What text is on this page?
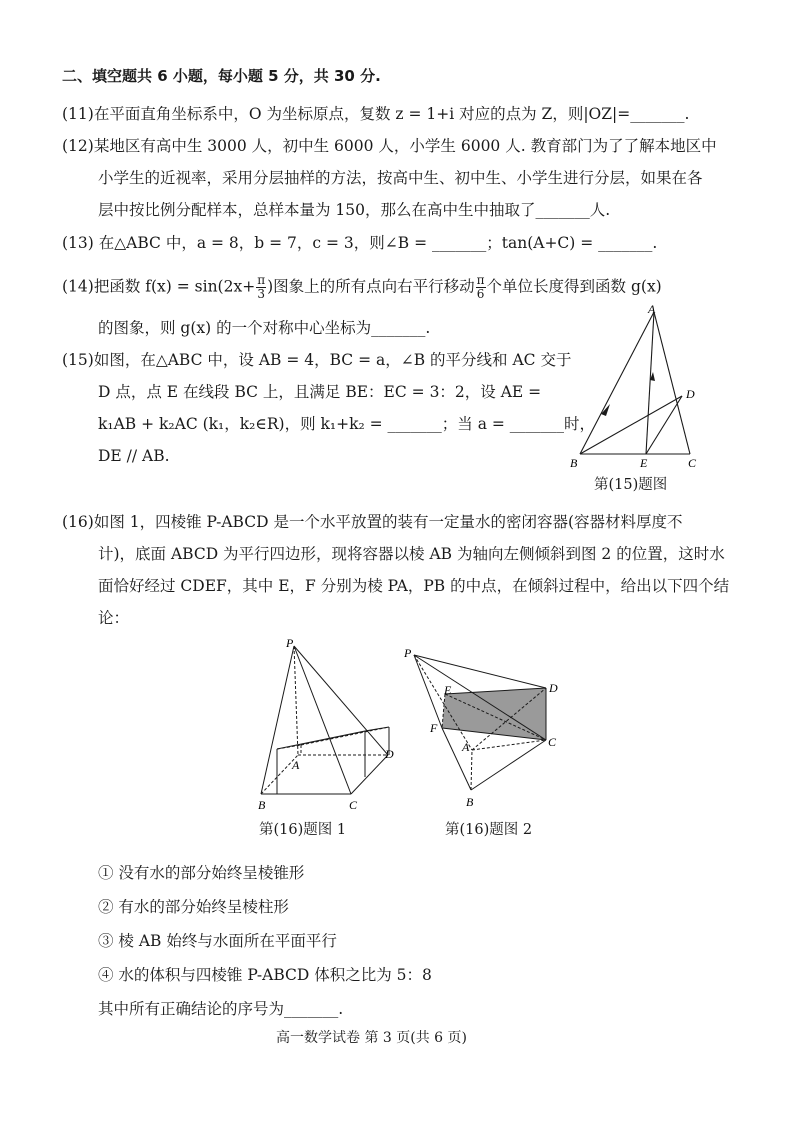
二、填空题共 6 小题，每小题 5 分，共 30 分.
(11)在平面直角坐标系中，O 为坐标原点，复数 z = 1+i 对应的点为 Z，则|OZ|=_______.
(12)某地区有高中生 3000 人，初中生 6000 人，小学生 6000 人. 教育部门为了了解本地区中
小学生的近视率，采用分层抽样的方法，按高中生、初中生、小学生进行分层，如果在各
层中按比例分配样本，总样本量为 150，那么在高中生中抽取了_______人.
(13) 在△ABC 中，a = 8，b = 7，c = 3，则∠B = _______；tan(A+C) = _______.
(14)把函数 $f(x) = \sin(2x+ \frac{\pi}{3}$ )图象上的所有点向右平行移动 $\frac{\pi}{6}$ 个单位长度得到函数 g(x)
的图象，则 g(x) 的一个对称中心坐标为_______.
(15)如图，在△ABC 中，设 AB = 4，BC = a，∠B 的平分线和 AC 交于
D 点，点 E 在线段 BC 上，且满足 BE：EC = 3：2，设 AE =
k₁AB + k₂AC (k₁，k₂∈R)，则 k₁+k₂ = _______；当 a = _______时，
DE // AB.
A
B	C
D
E
第(15)题图
(16)如图 1，四棱锥 P-ABCD 是一个水平放置的装有一定量水的密闭容器(容器材料厚度不
计)，底面 ABCD 为平行四边形，现将容器以棱 AB 为轴向左侧倾斜到图 2 的位置，这时水
面恰好经过 CDEF，其中 E，F 分别为棱 PA，PB 的中点，在倾斜过程中，给出以下四个结
论：
P
A
B	C
D
第(16)题图 1
P
E
F
A
B
C
D
第(16)题图 2
① 没有水的部分始终呈棱锥形
② 有水的部分始终呈棱柱形
③ 棱 AB 始终与水面所在平面平行
④ 水的体积与四棱锥 P-ABCD 体积之比为 5：8
其中所有正确结论的序号为_______.
高一数学试卷 第 3 页(共 6 页)
